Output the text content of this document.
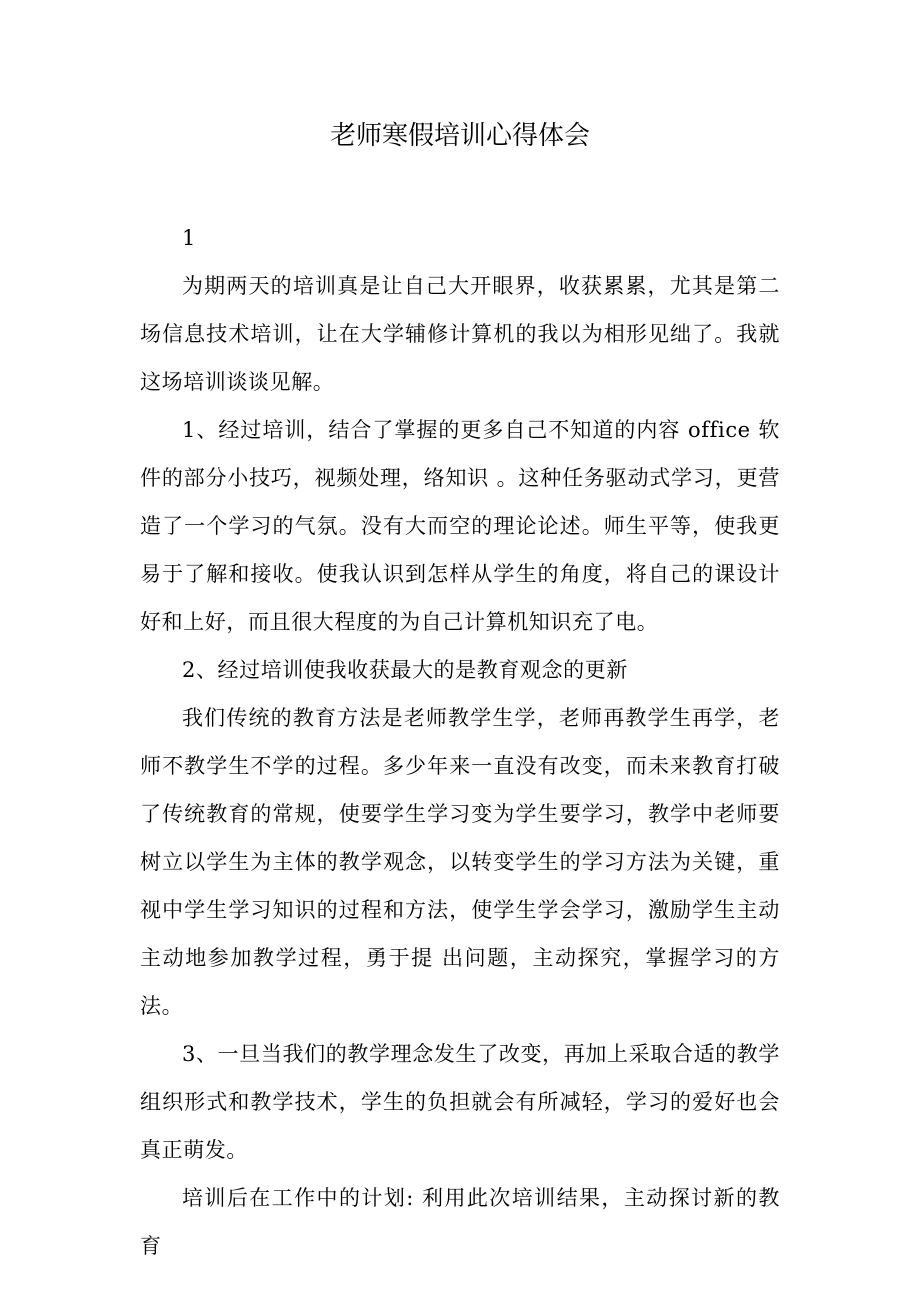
老师寒假培训心得体会

1

为期两天的培训真是让自己大开眼界，收获累累，尤其是第二场信息技术培训，让在大学辅修计算机的我以为相形见绌了。我就这场培训谈谈见解。

1、经过培训，结合了掌握的更多自己不知道的内容 office 软件的部分小技巧，视频处理，络知识 。这种任务驱动式学习，更营造了一个学习的气氛。没有大而空的理论论述。师生平等，使我更易于了解和接收。使我认识到怎样从学生的角度，将自己的课设计好和上好，而且很大程度的为自己计算机知识充了电。

2、经过培训使我收获最大的是教育观念的更新

我们传统的教育方法是老师教学生学，老师再教学生再学，老师不教学生不学的过程。多少年来一直没有改变，而未来教育打破了传统教育的常规，使要学生学习变为学生要学习，教学中老师要树立以学生为主体的教学观念，以转变学生的学习方法为关键，重视中学生学习知识的过程和方法，使学生学会学习，激励学生主动主动地参加教学过程，勇于提 出问题，主动探究，掌握学习的方法。

3、一旦当我们的教学理念发生了改变，再加上采取合适的教学组织形式和教学技术，学生的负担就会有所减轻，学习的爱好也会真正萌发。

培训后在工作中的计划: 利用此次培训结果，主动探讨新的教育
